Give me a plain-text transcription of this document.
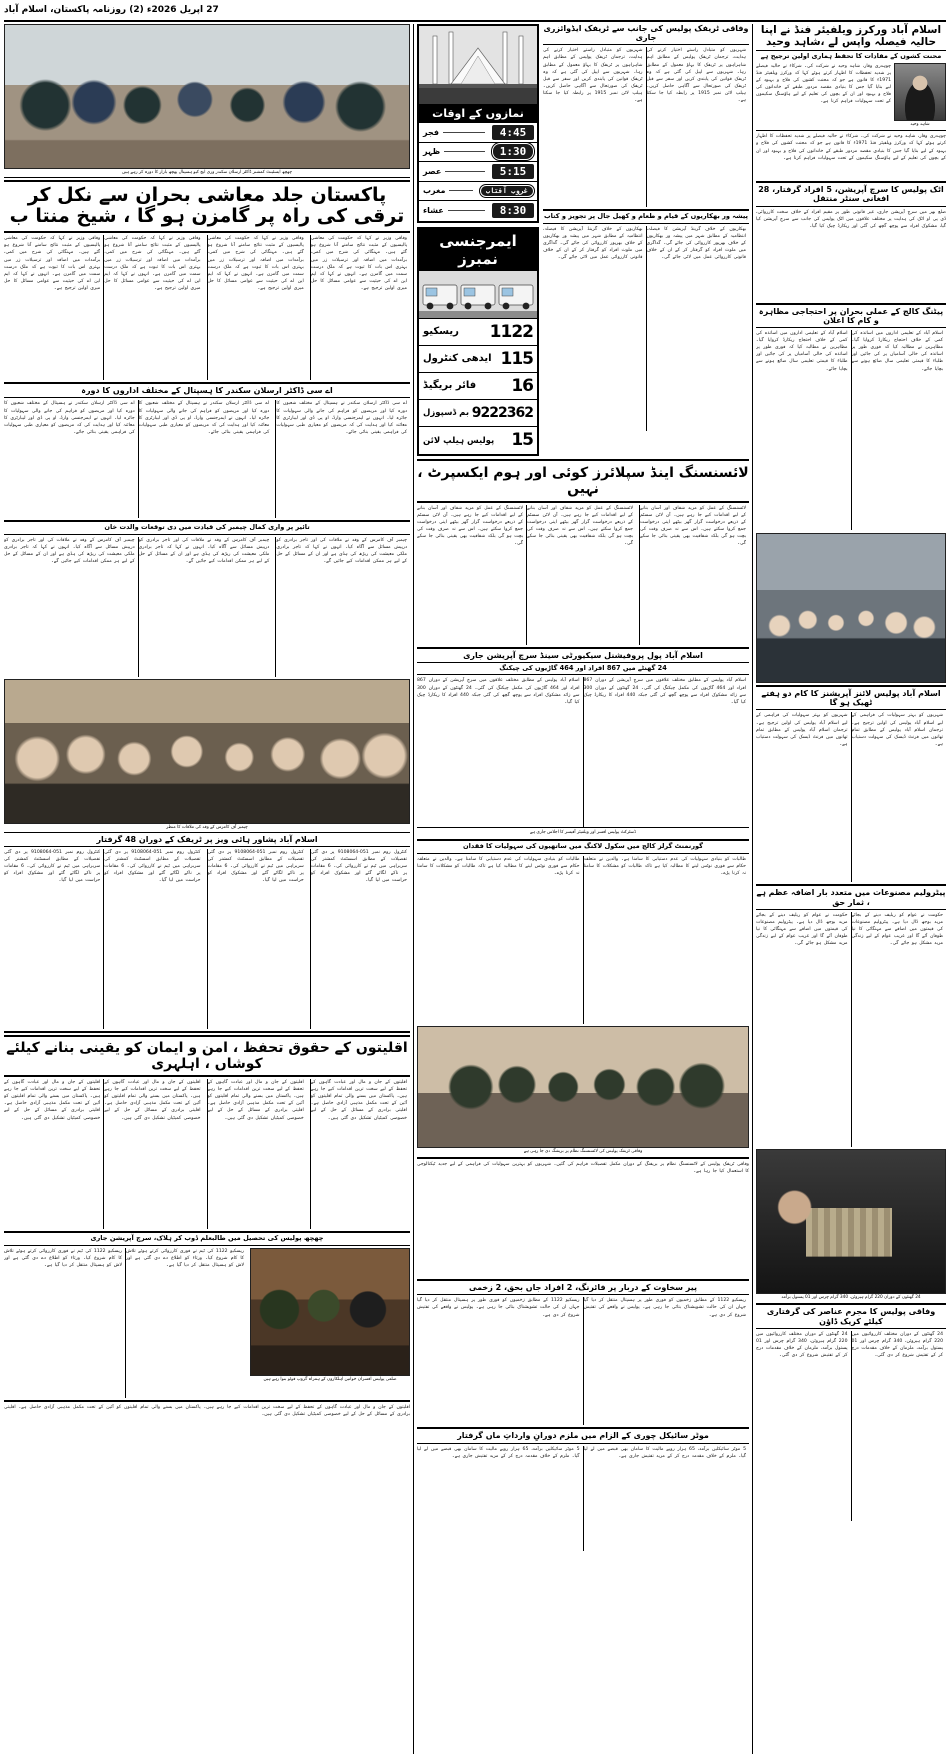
‎27 اپریل 2026ء (2) روزنامہ پاکستان، اسلام آباد
اسلام آباد ورکرز ویلفیئر فنڈ نے اپنا حالیہ فیصلہ واپس لے ،شاہد وحید
محنت کشوں کے مفادات کا تحفظ ہماری اولین ترجیح ہے
شاہد وحید
چوہدری وقار، شاہد وحید نے شرکت کی۔ شرکاء نے حالیہ فیصلے پر شدید تحفظات کا اظہار کرتے ہوئے کہا کہ ورکرز ویلفیئر فنڈ 1971ء کا قانون ہے جو کہ محنت کشوں کی فلاح و بہبود کے لیے بنایا گیا جس کا بنیادی مقصد مزدور طبقے کے خاندانوں کی فلاح و بہبود اور ان کے بچوں کی تعلیم کے لیے ہاؤسنگ سکیموں کے تحت سہولیات فراہم کرنا ہے۔
چوہدری وقار، شاہد وحید نے شرکت کی۔ شرکاء نے حالیہ فیصلے پر شدید تحفظات کا اظہار کرتے ہوئے کہا کہ ورکرز ویلفیئر فنڈ 1971ء کا قانون ہے جو کہ محنت کشوں کی فلاح و بہبود کے لیے بنایا گیا جس کا بنیادی مقصد مزدور طبقے کے خاندانوں کی فلاح و بہبود اور ان کے بچوں کی تعلیم کے لیے ہاؤسنگ سکیموں کے تحت سہولیات فراہم کرنا ہے۔
اٹک پولیس کا سرچ آپریشن، 5 افراد گرفتار، 28 افغانی سنٹر منتقل
ضلع بھر میں سرچ آپریشن جاری، غیر قانونی طور پر مقیم افراد کے خلاف سخت کارروائی، ڈی پی او اٹک کی ہدایت پر مختلف علاقوں میں اٹک پولیس کی جانب سے سرچ آپریشن کیا گیا، مشکوک افراد سے پوچھ گچھ کی گئی اور ریکارڈ چیک کیا گیا۔
پیٹنگ کالج کے عملی بحران پر احتجاجی مظاہرہ و کام کا اعلان
اسلام آباد کے تعلیمی اداروں میں اساتذہ کی کمی کے خلاف احتجاج ریکارڈ کروایا گیا۔ مظاہرین نے مطالبہ کیا کہ فوری طور پر اساتذہ کی خالی آسامیاں پر کی جائیں اور طلباء کا قیمتی تعلیمی سال ضائع ہونے سے بچایا جائے۔
اسلام آباد کے تعلیمی اداروں میں اساتذہ کی کمی کے خلاف احتجاج ریکارڈ کروایا گیا۔ مظاہرین نے مطالبہ کیا کہ فوری طور پر اساتذہ کی خالی آسامیاں پر کی جائیں اور طلباء کا قیمتی تعلیمی سال ضائع ہونے سے بچایا جائے۔
اسلام آباد پولیس لائنز آپریشنز کا کام دو ہفتے ٹھیک ہو گا
شہریوں کو بہتر سہولیات کی فراہمی کے لیے اسلام آباد پولیس کی اولین ترجیح ہے۔ ترجمان اسلام آباد پولیس کے مطابق تمام تھانوں میں فرنٹ ڈیسک کی سہولت دستیاب ہے۔
شہریوں کو بہتر سہولیات کی فراہمی کے لیے اسلام آباد پولیس کی اولین ترجیح ہے۔ ترجمان اسلام آباد پولیس کے مطابق تمام تھانوں میں فرنٹ ڈیسک کی سہولت دستیاب ہے۔
پیٹرولیم مصنوعات میں متعدد بار اضافہ عظم ہے ، ثمار حق
حکومت نے عوام کو ریلیف دینے کے بجائے مزید بوجھ ڈال دیا ہے۔ پیٹرولیم مصنوعات کی قیمتوں میں اضافے سے مہنگائی کا نیا طوفان آئے گا اور غریب عوام کے لیے زندگی مزید مشکل ہو جائے گی۔
حکومت نے عوام کو ریلیف دینے کے بجائے مزید بوجھ ڈال دیا ہے۔ پیٹرولیم مصنوعات کی قیمتوں میں اضافے سے مہنگائی کا نیا طوفان آئے گا اور غریب عوام کے لیے زندگی مزید مشکل ہو جائے گی۔
24 گھنٹوں کے دوران 220 گرام ہیروئن، 340 گرام چرس اور 01 پستول برآمد
وفاقی پولیس کا مجرم عناصر کی گرفتاری کیلئے کریک ڈاؤن
24 گھنٹوں کے دوران مختلف کارروائیوں میں 220 گرام ہیروئن، 340 گرام چرس اور 01 پستول برآمد، ملزمان کے خلاف مقدمات درج کر کے تفتیش شروع کر دی گئی۔
24 گھنٹوں کے دوران مختلف کارروائیوں میں 220 گرام ہیروئن، 340 گرام چرس اور 01 پستول برآمد، ملزمان کے خلاف مقدمات درج کر کے تفتیش شروع کر دی گئی۔
وفاقی ٹریفک پولیس کی جانب سے ٹریفک ایڈوائزری جاری
شہریوں کو متبادل راستے اختیار کرنے کی ہدایت، ترجمان ٹریفک پولیس کے مطابق اہم شاہراہوں پر ٹریفک کا بہاؤ معمول کے مطابق رہا۔ شہریوں سے اپیل کی گئی ہے کہ وہ ٹریفک قوانین کی پابندی کریں اور سفر سے قبل ٹریفک کی صورتحال سے آگاہی حاصل کریں۔ ہیلپ لائن نمبر 1915 پر رابطہ کیا جا سکتا ہے۔
شہریوں کو متبادل راستے اختیار کرنے کی ہدایت، ترجمان ٹریفک پولیس کے مطابق اہم شاہراہوں پر ٹریفک کا بہاؤ معمول کے مطابق رہا۔ شہریوں سے اپیل کی گئی ہے کہ وہ ٹریفک قوانین کی پابندی کریں اور سفر سے قبل ٹریفک کی صورتحال سے آگاہی حاصل کریں۔ ہیلپ لائن نمبر 1915 پر رابطہ کیا جا سکتا ہے۔
پیشہ ور بھکاریوں کے قیام و طعام و کھیل جال پر تجویز و کتاب
بھکاریوں کے خلاف گرینڈ آپریشن کا فیصلہ، انتظامیہ کے مطابق شہر میں پیشہ ور بھکاریوں کے خلاف بھرپور کارروائی کی جائے گی۔ گداگری میں ملوث افراد کو گرفتار کر کے ان کے خلاف قانونی کارروائی عمل میں لائی جائے گی۔
بھکاریوں کے خلاف گرینڈ آپریشن کا فیصلہ، انتظامیہ کے مطابق شہر میں پیشہ ور بھکاریوں کے خلاف بھرپور کارروائی کی جائے گی۔ گداگری میں ملوث افراد کو گرفتار کر کے ان کے خلاف قانونی کارروائی عمل میں لائی جائے گی۔
نمازوں کے اوقات
4:45
فجر
1:30
ظہر
5:15
عصر
غروب آفتاب
مغرب
8:30
عشاء
ایمرجنسی نمبرز
1122
ریسکیو
115
ایدھی کنٹرول
16
فائر بریگیڈ
9222362
بم ڈسپوزل
15
پولیس ہیلپ لائن
لائسنسنگ اینڈ سپلائرز کوئی اور ہوم ایکسپرٹ ، نہیں
لائسنسنگ کے عمل کو مزید شفاف اور آسان بنانے کے لیے اقدامات کیے جا رہے ہیں۔ آن لائن سسٹم کے ذریعے درخواست گزار گھر بیٹھے اپنی درخواست جمع کروا سکتے ہیں۔ اس سے نہ صرف وقت کی بچت ہو گی بلکہ شفافیت بھی یقینی بنائی جا سکے گی۔
لائسنسنگ کے عمل کو مزید شفاف اور آسان بنانے کے لیے اقدامات کیے جا رہے ہیں۔ آن لائن سسٹم کے ذریعے درخواست گزار گھر بیٹھے اپنی درخواست جمع کروا سکتے ہیں۔ اس سے نہ صرف وقت کی بچت ہو گی بلکہ شفافیت بھی یقینی بنائی جا سکے گی۔
لائسنسنگ کے عمل کو مزید شفاف اور آسان بنانے کے لیے اقدامات کیے جا رہے ہیں۔ آن لائن سسٹم کے ذریعے درخواست گزار گھر بیٹھے اپنی درخواست جمع کروا سکتے ہیں۔ اس سے نہ صرف وقت کی بچت ہو گی بلکہ شفافیت بھی یقینی بنائی جا سکے گی۔
اسلام آباد پول پروفیشنل سیکیورٹی سینڈ سرچ آپریشن جاری
24 گھنٹے میں 867 افراد اور 464 گاڑیوں کی چیکنگ
اسلام آباد پولیس کے مطابق مختلف علاقوں میں سرچ آپریشن کے دوران 867 افراد اور 464 گاڑیوں کی مکمل چیکنگ کی گئی۔ 24 گھنٹوں کے دوران 300 سے زائد مشکوک افراد سے پوچھ گچھ کی گئی جبکہ 440 افراد کا ریکارڈ چیک کیا گیا۔
اسلام آباد پولیس کے مطابق مختلف علاقوں میں سرچ آپریشن کے دوران 867 افراد اور 464 گاڑیوں کی مکمل چیکنگ کی گئی۔ 24 گھنٹوں کے دوران 300 سے زائد مشکوک افراد سے پوچھ گچھ کی گئی جبکہ 440 افراد کا ریکارڈ چیک کیا گیا۔
ڈسٹرکٹ پولیس افسر اور ویلفیئر آفیسر کا اجلاس جاری ہے
گورنمنٹ گرلز کالج میں سکول لاکنگ میں ساتھیوں کی سہولیات کا فقدان
طالبات کو بنیادی سہولیات کی عدم دستیابی کا سامنا ہے۔ والدین نے متعلقہ حکام سے فوری نوٹس لینے کا مطالبہ کیا ہے تاکہ طالبات کو مشکلات کا سامنا نہ کرنا پڑے۔
طالبات کو بنیادی سہولیات کی عدم دستیابی کا سامنا ہے۔ والدین نے متعلقہ حکام سے فوری نوٹس لینے کا مطالبہ کیا ہے تاکہ طالبات کو مشکلات کا سامنا نہ کرنا پڑے۔
وفاقی ٹریفک پولیس کی لائسنسنگ نظام پر بریفنگ دی جا رہی ہے
وفاقی ٹریفک پولیس کے لائسنسنگ نظام پر بریفنگ کے دوران مکمل تفصیلات فراہم کی گئیں۔ شہریوں کو بہترین سہولیات کی فراہمی کے لیے جدید ٹیکنالوجی کا استعمال کیا جا رہا ہے۔
پیر سخاوت کے دربار پر فائرنگ، 2 افراد جاں بحق، 2 زخمی
ریسکیو 1122 کے مطابق زخمیوں کو فوری طور پر ہسپتال منتقل کر دیا گیا جہاں ان کی حالت تشویشناک بتائی جا رہی ہے۔ پولیس نے واقعے کی تفتیش شروع کر دی ہے۔
ریسکیو 1122 کے مطابق زخمیوں کو فوری طور پر ہسپتال منتقل کر دیا گیا جہاں ان کی حالت تشویشناک بتائی جا رہی ہے۔ پولیس نے واقعے کی تفتیش شروع کر دی ہے۔
موٹر سائیکل چوری کے الزام میں ملزم دورانِ وارداتِ ماں گرفتار
5 موٹر سائیکلیں برآمد، 65 ہزار روپے مالیت کا سامان بھی قبضے میں لے لیا گیا۔ ملزم کے خلاف مقدمہ درج کر کے مزید تفتیش جاری ہے۔
5 موٹر سائیکلیں برآمد، 65 ہزار روپے مالیت کا سامان بھی قبضے میں لے لیا گیا۔ ملزم کے خلاف مقدمہ درج کر کے مزید تفتیش جاری ہے۔
چھچھ ایسٹینٹ کمشنر ڈاکٹر ارسلان سکندر وزی ایچ کیو ہسپتال پھچھ بازار کا دورہ کر رہے ہیں
پاکستان جلد معاشی بحران سے نکل کر ترقی کی راہ پر گامزن ہو گا ، شیخ منتا ب
وفاقی وزیر نے کہا کہ حکومت کی معاشی پالیسیوں کے مثبت نتائج سامنے آنا شروع ہو گئے ہیں۔ مہنگائی کی شرح میں کمی، برآمدات میں اضافہ اور ترسیلات زر میں بہتری اس بات کا ثبوت ہے کہ ملک درست سمت میں گامزن ہے۔ انہوں نے کہا کہ ایم این اے کی حیثیت سے عوامی مسائل کا حل میری اولین ترجیح ہے۔
وفاقی وزیر نے کہا کہ حکومت کی معاشی پالیسیوں کے مثبت نتائج سامنے آنا شروع ہو گئے ہیں۔ مہنگائی کی شرح میں کمی، برآمدات میں اضافہ اور ترسیلات زر میں بہتری اس بات کا ثبوت ہے کہ ملک درست سمت میں گامزن ہے۔ انہوں نے کہا کہ ایم این اے کی حیثیت سے عوامی مسائل کا حل میری اولین ترجیح ہے۔
وفاقی وزیر نے کہا کہ حکومت کی معاشی پالیسیوں کے مثبت نتائج سامنے آنا شروع ہو گئے ہیں۔ مہنگائی کی شرح میں کمی، برآمدات میں اضافہ اور ترسیلات زر میں بہتری اس بات کا ثبوت ہے کہ ملک درست سمت میں گامزن ہے۔ انہوں نے کہا کہ ایم این اے کی حیثیت سے عوامی مسائل کا حل میری اولین ترجیح ہے۔
وفاقی وزیر نے کہا کہ حکومت کی معاشی پالیسیوں کے مثبت نتائج سامنے آنا شروع ہو گئے ہیں۔ مہنگائی کی شرح میں کمی، برآمدات میں اضافہ اور ترسیلات زر میں بہتری اس بات کا ثبوت ہے کہ ملک درست سمت میں گامزن ہے۔ انہوں نے کہا کہ ایم این اے کی حیثیت سے عوامی مسائل کا حل میری اولین ترجیح ہے۔
اے سی ڈاکٹر ارسلان سکندر کا ہسپتال کے مختلف اداروں کا دورہ
اے سی ڈاکٹر ارسلان سکندر نے ہسپتال کے مختلف شعبوں کا دورہ کیا اور مریضوں کو فراہم کی جانے والی سہولیات کا جائزہ لیا۔ انہوں نے ایمرجنسی وارڈ، او پی ڈی اور لیبارٹری کا معائنہ کیا اور ہدایت کی کہ مریضوں کو معیاری طبی سہولیات کی فراہمی یقینی بنائی جائے۔
اے سی ڈاکٹر ارسلان سکندر نے ہسپتال کے مختلف شعبوں کا دورہ کیا اور مریضوں کو فراہم کی جانے والی سہولیات کا جائزہ لیا۔ انہوں نے ایمرجنسی وارڈ، او پی ڈی اور لیبارٹری کا معائنہ کیا اور ہدایت کی کہ مریضوں کو معیاری طبی سہولیات کی فراہمی یقینی بنائی جائے۔
اے سی ڈاکٹر ارسلان سکندر نے ہسپتال کے مختلف شعبوں کا دورہ کیا اور مریضوں کو فراہم کی جانے والی سہولیات کا جائزہ لیا۔ انہوں نے ایمرجنسی وارڈ، او پی ڈی اور لیبارٹری کا معائنہ کیا اور ہدایت کی کہ مریضوں کو معیاری طبی سہولیات کی فراہمی یقینی بنائی جائے۔
تائیر پر واری کمال چیمبر کی قیادت میں دی توقعات والدت خان
چیمبر آف کامرس کے وفد نے ملاقات کی اور تاجر برادری کو درپیش مسائل سے آگاہ کیا۔ انہوں نے کہا کہ تاجر برادری ملکی معیشت کی ریڑھ کی ہڈی ہے اور ان کے مسائل کے حل کے لیے ہر ممکن اقدامات کیے جائیں گے۔
چیمبر آف کامرس کے وفد نے ملاقات کی اور تاجر برادری کو درپیش مسائل سے آگاہ کیا۔ انہوں نے کہا کہ تاجر برادری ملکی معیشت کی ریڑھ کی ہڈی ہے اور ان کے مسائل کے حل کے لیے ہر ممکن اقدامات کیے جائیں گے۔
چیمبر آف کامرس کے وفد نے ملاقات کی اور تاجر برادری کو درپیش مسائل سے آگاہ کیا۔ انہوں نے کہا کہ تاجر برادری ملکی معیشت کی ریڑھ کی ہڈی ہے اور ان کے مسائل کے حل کے لیے ہر ممکن اقدامات کیے جائیں گے۔
چیمبر آف کامرس کے وفد کی ملاقات کا منظر
اسلام آباد پشاور ہائی ویز پر ٹریفک کے دوران 48 گرفتار
کنٹرول روم نمبر 051-9108064 پر دی گئی تفصیلات کے مطابق اسسٹنٹ کمشنر کی سربراہی میں ٹیم نے کارروائی کی۔ 6 مقامات پر ناکے لگائے گئے اور مشکوک افراد کو حراست میں لیا گیا۔
کنٹرول روم نمبر 051-9108064 پر دی گئی تفصیلات کے مطابق اسسٹنٹ کمشنر کی سربراہی میں ٹیم نے کارروائی کی۔ 6 مقامات پر ناکے لگائے گئے اور مشکوک افراد کو حراست میں لیا گیا۔
کنٹرول روم نمبر 051-9108064 پر دی گئی تفصیلات کے مطابق اسسٹنٹ کمشنر کی سربراہی میں ٹیم نے کارروائی کی۔ 6 مقامات پر ناکے لگائے گئے اور مشکوک افراد کو حراست میں لیا گیا۔
کنٹرول روم نمبر 051-9108064 پر دی گئی تفصیلات کے مطابق اسسٹنٹ کمشنر کی سربراہی میں ٹیم نے کارروائی کی۔ 6 مقامات پر ناکے لگائے گئے اور مشکوک افراد کو حراست میں لیا گیا۔
اقلیتوں کے حقوق تحفظ ، امن و ایمان کو یقینی بنانے کیلئے کوشاں ، اہلہری
اقلیتوں کے جان و مال اور عبادت گاہوں کے تحفظ کے لیے سخت ترین اقدامات کیے جا رہے ہیں۔ پاکستان میں بسنے والی تمام اقلیتوں کو آئین کے تحت مکمل مذہبی آزادی حاصل ہے۔ اقلیتی برادری کے مسائل کے حل کے لیے خصوصی کمیٹیاں تشکیل دی گئی ہیں۔
اقلیتوں کے جان و مال اور عبادت گاہوں کے تحفظ کے لیے سخت ترین اقدامات کیے جا رہے ہیں۔ پاکستان میں بسنے والی تمام اقلیتوں کو آئین کے تحت مکمل مذہبی آزادی حاصل ہے۔ اقلیتی برادری کے مسائل کے حل کے لیے خصوصی کمیٹیاں تشکیل دی گئی ہیں۔
اقلیتوں کے جان و مال اور عبادت گاہوں کے تحفظ کے لیے سخت ترین اقدامات کیے جا رہے ہیں۔ پاکستان میں بسنے والی تمام اقلیتوں کو آئین کے تحت مکمل مذہبی آزادی حاصل ہے۔ اقلیتی برادری کے مسائل کے حل کے لیے خصوصی کمیٹیاں تشکیل دی گئی ہیں۔
اقلیتوں کے جان و مال اور عبادت گاہوں کے تحفظ کے لیے سخت ترین اقدامات کیے جا رہے ہیں۔ پاکستان میں بسنے والی تمام اقلیتوں کو آئین کے تحت مکمل مذہبی آزادی حاصل ہے۔ اقلیتی برادری کے مسائل کے حل کے لیے خصوصی کمیٹیاں تشکیل دی گئی ہیں۔
چھچھ پولیس کی تحصیل میں طالبعلم ڈوب کر ہلاک، سرچ آپریشن جاری
ضلعی پولیس افسران خواتین اہلکاروں کے ہمراہ گروپ فوٹو بنوا رہے ہیں
ریسکیو 1122 کی ٹیم نے فوری کارروائی کرتے ہوئے تلاش کا کام شروع کیا۔ ورثاء کو اطلاع دے دی گئی ہے اور لاش کو ہسپتال منتقل کر دیا گیا ہے۔
ریسکیو 1122 کی ٹیم نے فوری کارروائی کرتے ہوئے تلاش کا کام شروع کیا۔ ورثاء کو اطلاع دے دی گئی ہے اور لاش کو ہسپتال منتقل کر دیا گیا ہے۔
اقلیتوں کے جان و مال اور عبادت گاہوں کے تحفظ کے لیے سخت ترین اقدامات کیے جا رہے ہیں۔ پاکستان میں بسنے والی تمام اقلیتوں کو آئین کے تحت مکمل مذہبی آزادی حاصل ہے۔ اقلیتی برادری کے مسائل کے حل کے لیے خصوصی کمیٹیاں تشکیل دی گئی ہیں۔
